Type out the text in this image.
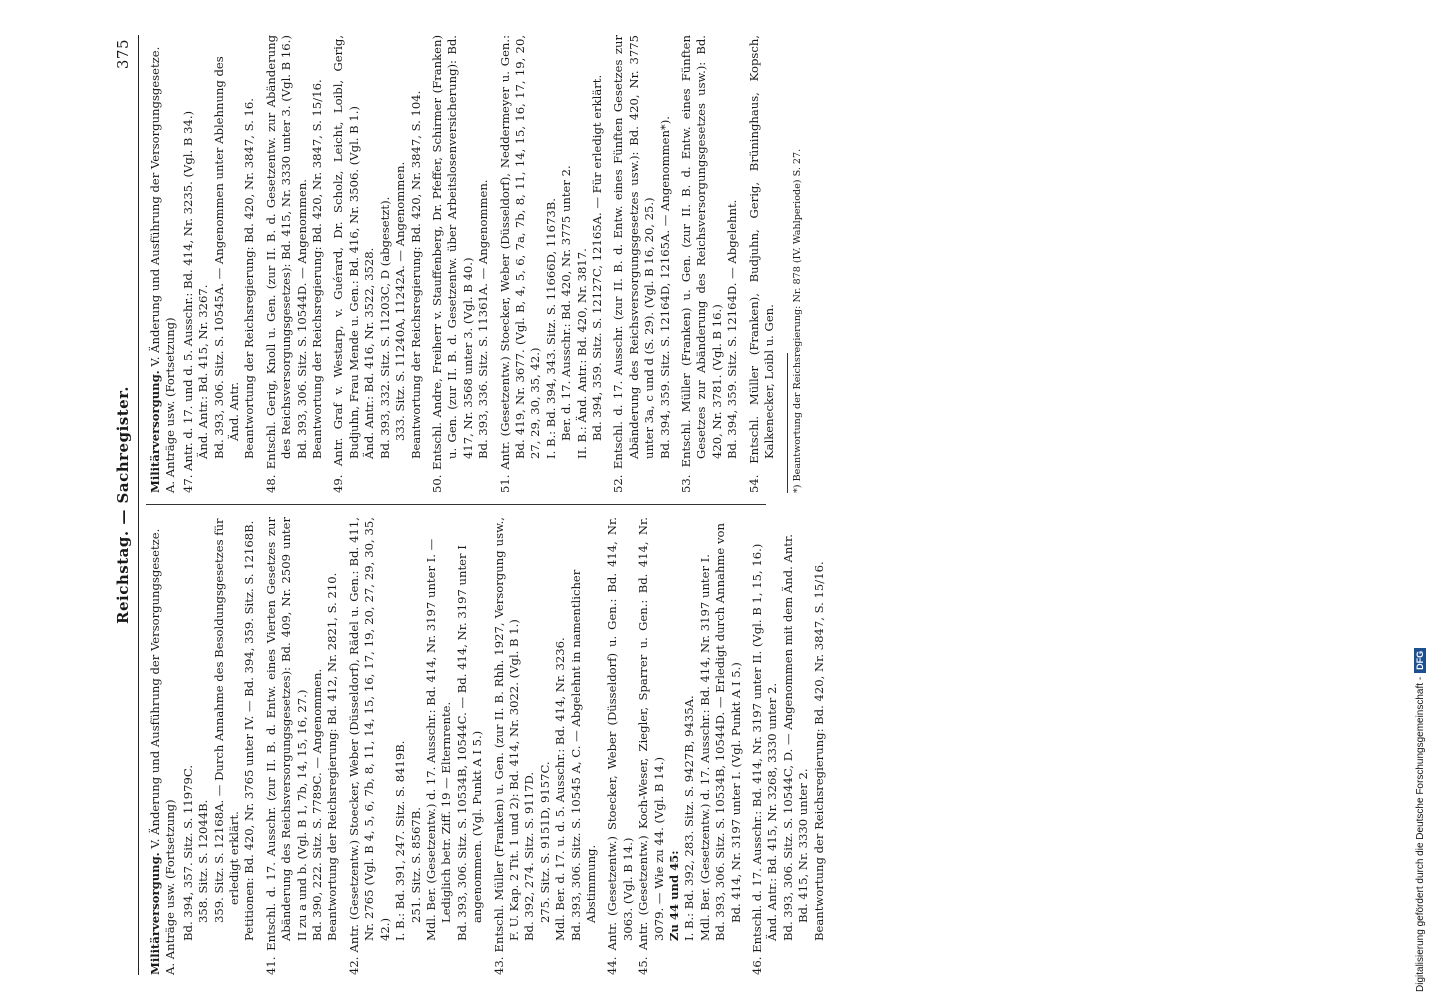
Reichstag. — Sachregister.
375

Militärversorgung. V. Änderung und Ausführung der Versorgungsgesetze. A. Anträge usw. (Fortsetzung) Bd. 394, 357. Sitz. S. 11979C. 358. Sitz. S. 12044B. 359. Sitz. S. 12168A. — Durch Annahme des Besoldungsgesetzes für erledigt erklärt. Petitionen: Bd. 420, Nr. 3765 unter IV. — Bd. 394, 359. Sitz. S. 12168B. 41. Entschl. d. 17. Ausschr. (zur II. B. d. Entw. eines Vierten Gesetzes zur Abänderung des Reichsversorgungsgesetzes): Bd. 409, Nr. 2509 unter II zu a und b. (Vgl. B 1, 7b, 14, 15, 16, 27.) Bd. 390, 222. Sitz. S. 7789C. — Angenommen. Beantwortung der Reichsregierung: Bd. 412, Nr. 2821, S. 210. 42. Antr. (Gesetzentw.) Stoecker, Weber (Düsseldorf), Rädel u. Gen.: Bd. 411, Nr. 2765 (Vgl. B 4, 5, 6, 7b, 8, 11, 14, 15, 16, 17, 19, 20, 27, 29, 30, 35, 42.) I. B.: Bd. 391, 247. Sitz. S. 8419B. 251. Sitz. S. 8567B. Mdl. Ber. (Gesetzentw.) d. 17. Ausschr.: Bd. 414, Nr. 3197 unter I. — Lediglich betr. Ziff. 19 — Elternrente. Bd. 393, 306. Sitz. S. 10534B, 10544C. — Bd. 414, Nr. 3197 unter I angenommen. (Vgl. Punkt A I 5.) 43. Entschl. Müller (Franken) u. Gen. (zur II. B. Rhh. 1927, Versorgung usw., F. U. Kap. 2 Tit. 1 und 2): Bd. 414, Nr. 3022. (Vgl. B 1.) Bd. 392, 274. Sitz. S. 9117D. 275. Sitz. S. 9151D, 9157C. Mdl. Ber. d. 17. u. d. 5. Ausschr.: Bd. 414, Nr. 3236. Bd. 393, 306. Sitz. S. 10545 A, C. — Abgelehnt in namentlicher Abstimmung. 44. Antr. (Gesetzentw.) Stoecker, Weber (Düsseldorf) u. Gen.: Bd. 414, Nr. 3063. (Vgl. B 14.) 45. Antr. (Gesetzentw.) Koch-Weser, Ziegler, Sparrer u. Gen.: Bd. 414, Nr. 3079. — Wie zu 44. (Vgl. B 14.) Zu 44 und 45: I. B.: Bd. 392, 283. Sitz. S. 9427B, 9435A. Mdl. Ber. (Gesetzentw.) d. 17. Ausschr.: Bd. 414, Nr. 3197 unter I. Bd. 393, 306. Sitz. S. 10534B, 10544D. — Erledigt durch Annahme von Bd. 414, Nr. 3197 unter I. (Vgl. Punkt A I 5.) 46. Entschl. d. 17. Ausschr.: Bd. 414, Nr. 3197 unter II. (Vgl. B 1, 15, 16.) Änd. Antr.: Bd. 415, Nr. 3268, 3330 unter 2. Bd. 393, 306. Sitz. S. 10544C, D. — Angenommen mit dem Änd. Antr. Bd. 415, Nr. 3330 unter 2. Beantwortung der Reichsregierung: Bd. 420, Nr. 3847, S. 15/16.

Militärversorgung. V. Änderung und Ausführung der Versorgungsgesetze. A. Anträge usw. (Fortsetzung) 47. Antr. d. 17. und d. 5. Ausschr.: Bd. 414, Nr. 3235. (Vgl. B 34.) Änd. Antr.: Bd. 415, Nr. 3267. Bd. 393, 306. Sitz. S. 10545A. — Angenommen unter Ablehnung des Änd. Antr. Beantwortung der Reichsregierung: Bd. 420, Nr. 3847, S. 16. 48. Entschl. Gerig, Knoll u. Gen. (zur II. B. d. Gesetzentw. zur Abänderung des Reichsversorgungsgesetzes): Bd. 415, Nr. 3330 unter 3. (Vgl. B 16.) Bd. 393, 306. Sitz. S. 10544D. — Angenommen. Beantwortung der Reichsregierung: Bd. 420, Nr. 3847, S. 15/16. 49. Antr. Graf v. Westarp, v. Guérard, Dr. Scholz, Leicht, Loibl, Gerig, Budjuhn, Frau Mende u. Gen.: Bd. 416, Nr. 3506. (Vgl. B 1.) Änd. Antr.: Bd. 416, Nr. 3522, 3528. Bd. 393, 332. Sitz. S. 11203C, D (abgesetzt). 333. Sitz. S. 11240A, 11242A. — Angenommen. Beantwortung der Reichsregierung: Bd. 420, Nr. 3847, S. 104. 50. Entschl. Andre, Freiherr v. Stauffenberg, Dr. Pfeffer, Schirmer (Franken) u. Gen. (zur II. B. d. Gesetzentw. über Arbeitslosenversicherung): Bd. 417, Nr. 3568 unter 3. (Vgl. B 40.) Bd. 393, 336. Sitz. S. 11361A. — Angenommen. 51. Antr. (Gesetzentw.) Stoecker, Weber (Düsseldorf), Neddermeyer u. Gen.: Bd. 419, Nr. 3677. (Vgl. B, 4, 5, 6, 7a, 7b, 8, 11, 14, 15, 16, 17, 19, 20, 27, 29, 30, 35, 42.) I. B.: Bd. 394, 343. Sitz. S. 11666D, 11673B. Ber. d. 17. Ausschr.: Bd. 420, Nr. 3775 unter 2. II. B.: Änd. Antr.: Bd. 420, Nr. 3817. Bd. 394, 359. Sitz. S. 12127C, 12165A. — Für erledigt erklärt. 52. Entschl. d. 17. Ausschr. (zur II. B. d. Entw. eines Fünften Gesetzes zur Abänderung des Reichsversorgungsgesetzes usw.): Bd. 420, Nr. 3775 unter 3a, c und d (S. 29). (Vgl. B 16, 20, 25.) Bd. 394, 359. Sitz. S. 12164D, 12165A. — Angenommen*). 53. Entschl. Müller (Franken) u. Gen. (zur II. B. d. Entw. eines Fünften Gesetzes zur Abänderung des Reichsversorgungsgesetzes usw.): Bd. 420, Nr. 3781. (Vgl. B 16.) Bd. 394, 359. Sitz. S. 12164D. — Abgelehnt. 54. Entschl. Müller (Franken), Budjuhn, Gerig, Brüninghaus, Kopsch, Kalkenecker, Loibl u. Gen. *) Beantwortung der Reichsregierung: Nr. 878 (IV. Wahlperiode) S. 27.

Digitalisierung gefördert durch die Deutsche Forschungsgemeinschaft -DFG
